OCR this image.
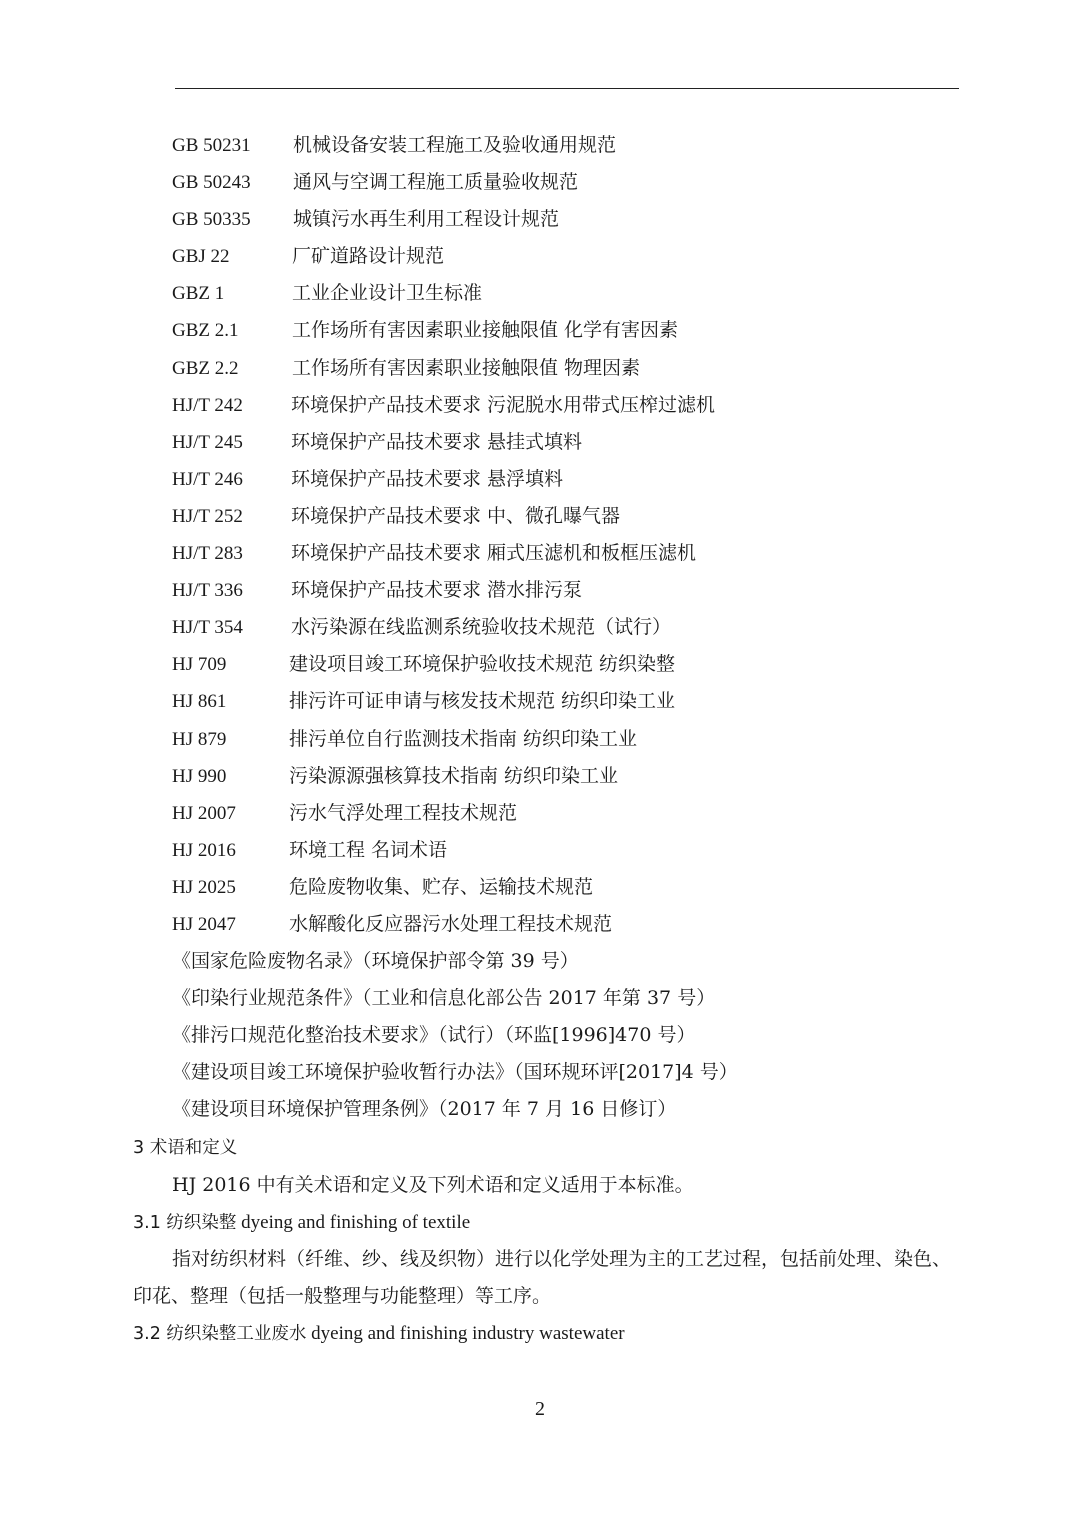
GB 50231 机械设备安装工程施工及验收通用规范
GB 50243 通风与空调工程施工质量验收规范
GB 50335 城镇污水再生利用工程设计规范
GBJ 22	厂矿道路设计规范
GBZ 1	工业企业设计卫生标准
GBZ 2.1	工作场所有害因素职业接触限值 化学有害因素
GBZ 2.2	工作场所有害因素职业接触限值 物理因素
HJ/T 242	环境保护产品技术要求 污泥脱水用带式压榨过滤机
HJ/T 245	环境保护产品技术要求 悬挂式填料
HJ/T 246	环境保护产品技术要求 悬浮填料
HJ/T 252	环境保护产品技术要求 中、微孔曝气器
HJ/T 283	环境保护产品技术要求 厢式压滤机和板框压滤机
HJ/T 336	环境保护产品技术要求 潜水排污泵
HJ/T 354	水污染源在线监测系统验收技术规范（试行）
HJ 709	建设项目竣工环境保护验收技术规范 纺织染整
HJ 861	排污许可证申请与核发技术规范 纺织印染工业
HJ 879	排污单位自行监测技术指南 纺织印染工业
HJ 990	污染源源强核算技术指南 纺织印染工业
HJ 2007	污水气浮处理工程技术规范
HJ 2016	环境工程 名词术语
HJ 2025	危险废物收集、贮存、运输技术规范
HJ 2047	水解酸化反应器污水处理工程技术规范
《国家危险废物名录》（环境保护部令第 39 号）
《印染行业规范条件》（工业和信息化部公告 2017 年第 37 号）
《排污口规范化整治技术要求》（试行）（环监[1996]470 号）
《建设项目竣工环境保护验收暂行办法》（国环规环评[2017]4 号）
《建设项目环境保护管理条例》（2017 年 7 月 16 日修订）
3 术语和定义
HJ 2016 中有关术语和定义及下列术语和定义适用于本标准。
3.1 纺织染整 dyeing and finishing of textile
指对纺织材料（纤维、纱、线及织物）进行以化学处理为主的工艺过程，包括前处理、染色、
印花、整理（包括一般整理与功能整理）等工序。
3.2 纺织染整工业废水 dyeing and finishing industry wastewater
2
